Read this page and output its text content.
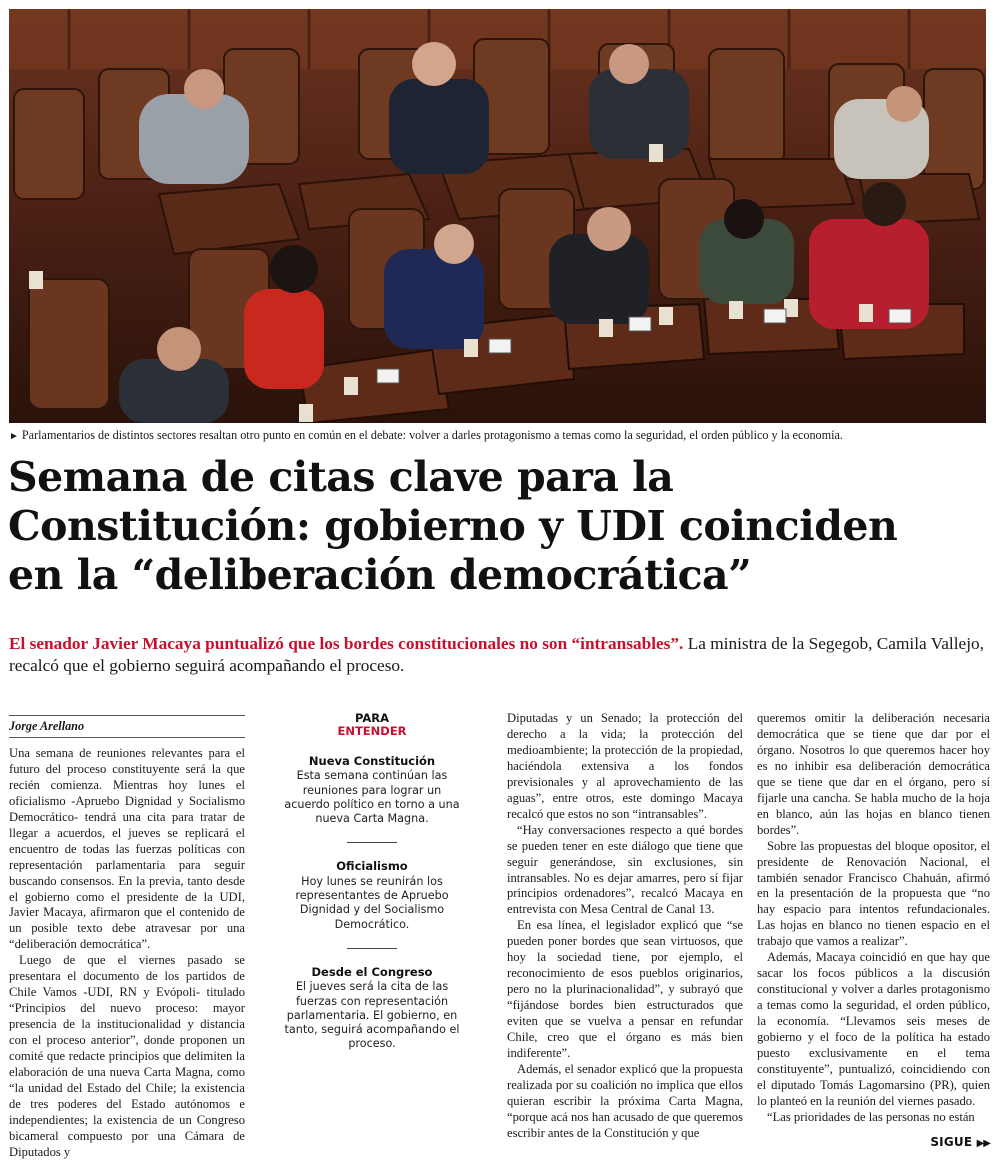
► Parlamentarios de distintos sectores resaltan otro punto en común en el debate: volver a darles protagonismo a temas como la seguridad, el orden público y la economía.
Semana de citas clave para la
Constitución: gobierno y UDI coinciden
en la “deliberación democrática”

El senador Javier Macaya puntualizó que los bordes constitucionales no son “intransables”. La ministra de la Segegob, Camila Vallejo, recalcó que el gobierno seguirá acompañando el proceso.

Jorge Arellano

Una semana de reuniones relevantes para el futuro del proceso constituyente será la que recién comienza. Mientras hoy lunes el oficialismo -Apruebo Dignidad y Socialismo Democrático- tendrá una cita para tratar de llegar a acuerdos, el jueves se replicará el encuentro de todas las fuerzas políticas con representación parlamentaria para seguir buscando consensos. En la previa, tanto desde el gobierno como el presidente de la UDI, Javier Macaya, afirmaron que el contenido de un posible texto debe atravesar por una “deliberación democrática”.

Luego de que el viernes pasado se presentara el documento de los partidos de Chile Vamos -UDI, RN y Evópoli- titulado “Principios del nuevo proceso: mayor presencia de la institucionalidad y distancia con el proceso anterior”, donde proponen un comité que redacte principios que delimiten la elaboración de una nueva Carta Magna, como “la unidad del Estado del Chile; la existencia de tres poderes del Estado autónomos e independientes; la existencia de un Congreso bicameral compuesto por una Cámara de Diputados y

PARA
ENTENDER
Nueva Constitución
Esta semana continúan las reuniones para lograr un acuerdo político en torno a una nueva Carta Magna.
Oficialismo
Hoy lunes se reunirán los representantes de Apruebo Dignidad y del Socialismo Democrático.
Desde el Congreso
El jueves será la cita de las fuerzas con representación parlamentaria. El gobierno, en tanto, seguirá acompañando el proceso.

Diputadas y un Senado; la protección del derecho a la vida; la protección del medioambiente; la protección de la propiedad, haciéndola extensiva a los fondos previsionales y al aprovechamiento de las aguas”, entre otros, este domingo Macaya recalcó que estos no son “intransables”.

“Hay conversaciones respecto a qué bordes se pueden tener en este diálogo que tiene que seguir generándose, sin exclusiones, sin intransables. No es dejar amarres, pero sí fijar principios ordenadores”, recalcó Macaya en entrevista con Mesa Central de Canal 13.

En esa línea, el legislador explicó que “se pueden poner bordes que sean virtuosos, que hoy la sociedad tiene, por ejemplo, el reconocimiento de esos pueblos originarios, pero no la plurinacionalidad”, y subrayó que “fijándose bordes bien estructurados que eviten que se vuelva a pensar en refundar Chile, creo que el órgano es más bien indiferente”.

Además, el senador explicó que la propuesta realizada por su coalición no implica que ellos quieran escribir la próxima Carta Magna, “porque acá nos han acusado de que queremos escribir antes de la Constitución y que

queremos omitir la deliberación necesaria democrática que se tiene que dar por el órgano. Nosotros lo que queremos hacer hoy es no inhibir esa deliberación democrática que se tiene que dar en el órgano, pero sí fijarle una cancha. Se habla mucho de la hoja en blanco, aún las hojas en blanco tienen bordes”.

Sobre las propuestas del bloque opositor, el presidente de Renovación Nacional, el también senador Francisco Chahuán, afirmó en la presentación de la propuesta que “no hay espacio para intentos refundacionales. Las hojas en blanco no tienen espacio en el trabajo que vamos a realizar”.

Además, Macaya coincidió en que hay que sacar los focos públicos a la discusión constitucional y volver a darles protagonismo a temas como la seguridad, el orden público, la economía. “Llevamos seis meses de gobierno y el foco de la política ha estado puesto exclusivamente en el tema constituyente”, puntualizó, coincidiendo con el diputado Tomás Lagomarsino (PR), quien lo planteó en la reunión del viernes pasado.

“Las prioridades de las personas no están

SIGUE ▶▶
